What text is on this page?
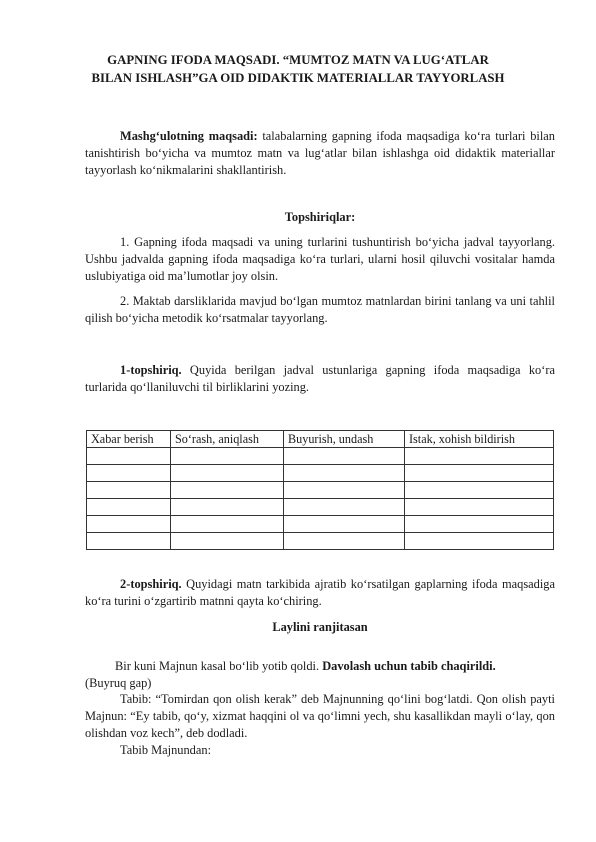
GAPNING IFODA MAQSADI. “MUMTOZ MATN VA LUG‘ATLAR
BILAN ISHLASH”GA OID DIDAKTIK MATERIALLAR TAYYORLASH
Mashg‘ulotning maqsadi: talabalarning gapning ifoda maqsadiga ko‘ra turlari bilan tanishtirish bo‘yicha va mumtoz matn va lug‘atlar bilan ishlashga oid didaktik materiallar tayyorlash ko‘nikmalarini shakllantirish.
Topshiriqlar:
1. Gapning ifoda maqsadi va uning turlarini tushuntirish bo‘yicha jadval tayyorlang. Ushbu jadvalda gapning ifoda maqsadiga ko‘ra turlari, ularni hosil qiluvchi vositalar hamda uslubiyatiga oid ma’lumotlar joy olsin.
2. Maktab darsliklarida mavjud bo‘lgan mumtoz matnlardan birini tanlang va uni tahlil qilish bo‘yicha metodik ko‘rsatmalar tayyorlang.
1-topshiriq. Quyida berilgan jadval ustunlariga gapning ifoda maqsadiga ko‘ra turlarida qo‘llaniluvchi til birliklarini yozing.
Xabar berish	So‘rash, aniqlash	Buyurish, undash	Istak, xohish bildirish

2-topshiriq. Quyidagi matn tarkibida ajratib ko‘rsatilgan gaplarning ifoda maqsadiga ko‘ra turini o‘zgartirib matnni qayta ko‘chiring.
Laylini ranjitasan
Bir kuni Majnun kasal bo‘lib yotib qoldi. Davolash uchun tabib chaqirildi.
(Buyruq gap)
Tabib: “Tomirdan qon olish kerak” deb Majnunning qo‘lini bog‘latdi. Qon olish payti Majnun: “Ey tabib, qo‘y, xizmat haqqini ol va qo‘limni yech, shu kasallikdan mayli o‘lay, qon olishdan voz kech”, deb dodladi.
Tabib Majnundan:
